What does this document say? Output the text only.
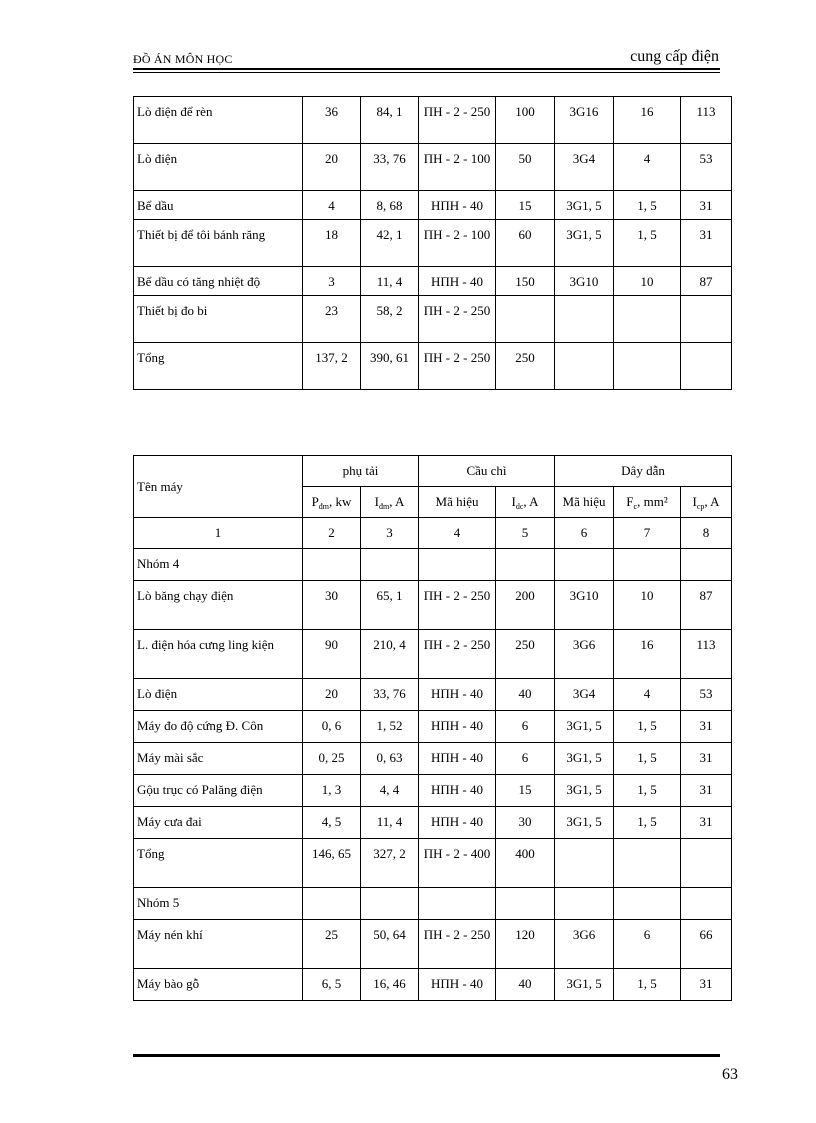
ĐỒ ÁN MÔN HỌC	cung cấp điện
Lò điện để rèn	36	84, 1	ПН - 2 - 250	100	3G16	16	113
Lò điện	20	33, 76	ПН - 2 - 100	50	3G4	4	53
Bể dầu	4	8, 68	НПН - 40	15	3G1, 5	1, 5	31
Thiết bị để tôi bánh răng	18	42, 1	ПН - 2 - 100	60	3G1, 5	1, 5	31
Bể dầu có tăng nhiệt độ	3	11, 4	НПН - 40	150	3G10	10	87
Thiết bị đo bi	23	58, 2	ПН - 2 - 250				
Tổng	137, 2	390, 61	ПН - 2 - 250	250			
Tên máy	phụ tải		Cầu chì		Dây dẫn		
	$P_{đm}$, kw	$I_{đm}$, A	Mã hiệu	$I_{dc}$, A	Mã hiệu	$F_c$, mm²	$I_{cp}$, A
1	2	3	4	5	6	7	8
Nhóm 4							
Lò băng chạy điện	30	65, 1	ПН - 2 - 250	200	3G10	10	87
L. điện hóa cưng ling kiện	90	210, 4	ПН - 2 - 250	250	3G6	16	113
Lò điện	20	33, 76	НПН - 40	40	3G4	4	53
Máy đo độ cứng Đ. Côn	0, 6	1, 52	НПН - 40	6	3G1, 5	1, 5	31
Máy mài sắc	0, 25	0, 63	НПН - 40	6	3G1, 5	1, 5	31
Gộu trục có Palăng điện	1, 3	4, 4	НПН - 40	15	3G1, 5	1, 5	31
Máy cưa đai	4, 5	11, 4	НПН - 40	30	3G1, 5	1, 5	31
Tổng	146, 65	327, 2	ПН - 2 - 400	400			
Nhóm 5							
Máy nén khí	25	50, 64	ПН - 2 - 250	120	3G6	6	66
Máy bào gỗ	6, 5	16, 46	НПН - 40	40	3G1, 5	1, 5	31
63
